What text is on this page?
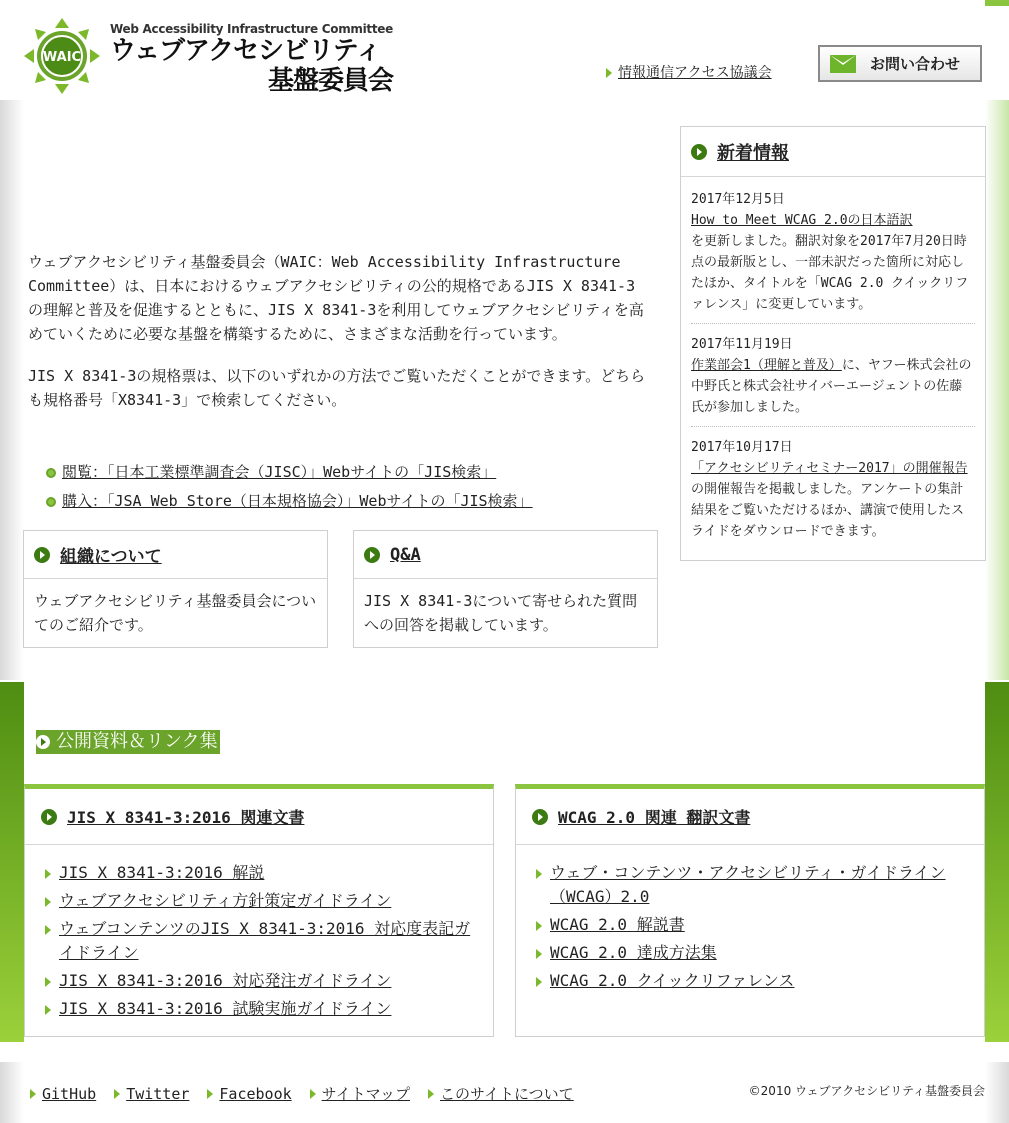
WAIC
Web Accessibility Infrastructure Committee
ウェブアクセシビリティ
基盤委員会	情報通信アクセス協議会	お問い合わせ

ウェブアクセシビリティ基盤委員会（WAIC：Web Accessibility Infrastructure Committee）は、日本におけるウェブアクセシビリティの公的規格であるJIS X 8341-3の理解と普及を促進するとともに、JIS X 8341-3を利用してウェブアクセシビリティを高めていくために必要な基盤を構築するために、さまざまな活動を行っています。

JIS X 8341-3の規格票は、以下のいずれかの方法でご覧いただくことができます。どちらも規格番号「X8341-3」で検索してください。

閲覧：「日本工業標準調査会（JISC）」Webサイトの「JIS検索」
購入：「JSA Web Store（日本規格協会）」Webサイトの「JIS検索」
組織について
ウェブアクセシビリティ基盤委員会についてのご紹介です。
Q&A
JIS X 8341-3について寄せられた質問への回答を掲載しています。
新着情報
2017年12月5日
How to Meet WCAG 2.0の日本語訳
を更新しました。翻訳対象を2017年7月20日時点の最新版とし、一部未訳だった箇所に対応したほか、タイトルを「WCAG 2.0 クイックリファレンス」に変更しています。
2017年11月19日
作業部会1（理解と普及）に、ヤフー株式会社の中野氏と株式会社サイバーエージェントの佐藤氏が参加しました。
2017年10月17日
「アクセシビリティセミナー2017」の開催報告の開催報告を掲載しました。アンケートの集計結果をご覧いただけるほか、講演で使用したスライドをダウンロードできます。
公開資料＆リンク集
JIS X 8341-3:2016 関連文書
JIS X 8341-3:2016 解説
ウェブアクセシビリティ方針策定ガイドライン
ウェブコンテンツのJIS X 8341-3:2016 対応度表記ガイドライン
JIS X 8341-3:2016 対応発注ガイドライン
JIS X 8341-3:2016 試験実施ガイドライン
WCAG 2.0 関連 翻訳文書
ウェブ・コンテンツ・アクセシビリティ・ガイドライン（WCAG）2.0
WCAG 2.0 解説書
WCAG 2.0 達成方法集
WCAG 2.0 クイックリファレンス
GitHub Twitter Facebook サイトマップ このサイトについて	©2010 ウェブアクセシビリティ基盤委員会
